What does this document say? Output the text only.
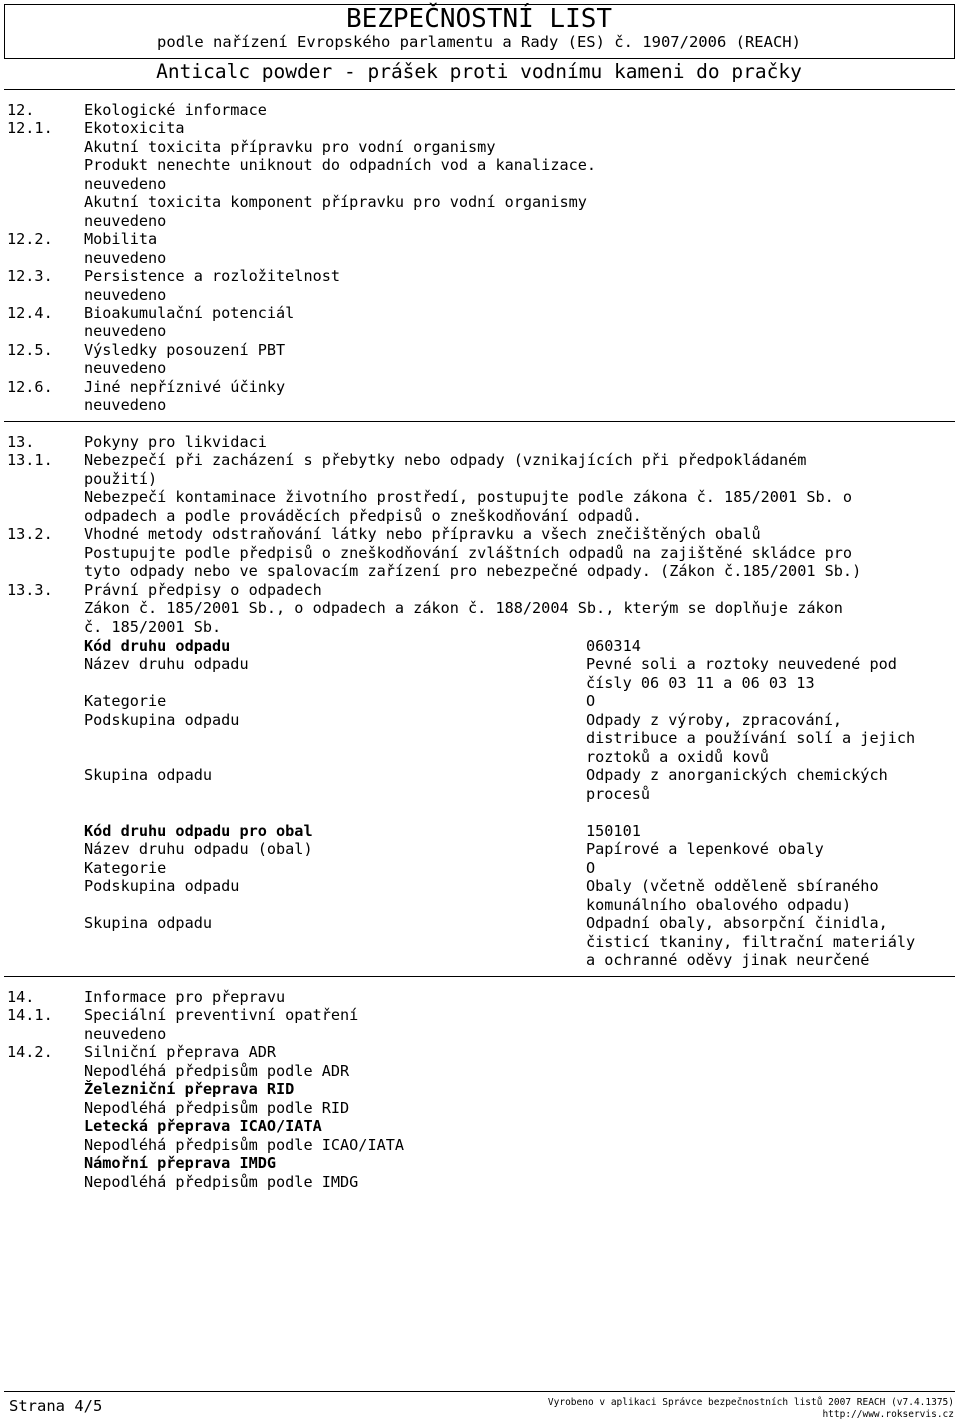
BEZPEČNOSTNÍ LIST
podle nařízení Evropského parlamentu a Rady (ES) č. 1907/2006 (REACH)
Anticalc powder - prášek proti vodnímu kameni do pračky
12.	Ekologické informace
12.1. Ekotoxicita
Akutní toxicita přípravku pro vodní organismy
Produkt nenechte uniknout do odpadních vod a kanalizace.
neuvedeno
Akutní toxicita komponent přípravku pro vodní organismy
neuvedeno
12.2. Mobilita
neuvedeno
12.3. Persistence a rozložitelnost
neuvedeno
12.4. Bioakumulační potenciál
neuvedeno
12.5. Výsledky posouzení PBT
neuvedeno
12.6. Jiné nepříznivé účinky
neuvedeno
13.	Pokyny pro likvidaci
13.1. Nebezpečí při zacházení s přebytky nebo odpady (vznikajících při předpokládaném
použití)
Nebezpečí kontaminace životního prostředí, postupujte podle zákona č. 185/2001 Sb. o
odpadech a podle prováděcích předpisů o zneškodňování odpadů.
13.2. Vhodné metody odstraňování látky nebo přípravku a všech znečištěných obalů
Postupujte podle předpisů o zneškodňování zvláštních odpadů na zajištěné skládce pro
tyto odpady nebo ve spalovacím zařízení pro nebezpečné odpady. (Zákon č.185/2001 Sb.)
13.3. Právní předpisy o odpadech
Zákon č. 185/2001 Sb., o odpadech a zákon č. 188/2004 Sb., kterým se doplňuje zákon
č. 185/2001 Sb.
Kód druhu odpadu	060314
Název druhu odpadu	Pevné soli a roztoky neuvedené pod
čísly 06 03 11 a 06 03 13
Kategorie	O
Podskupina odpadu	Odpady z výroby, zpracování,
distribuce a používání solí a jejich
roztoků a oxidů kovů
Skupina odpadu	Odpady z anorganických chemických
procesů
Kód druhu odpadu pro obal	150101
Název druhu odpadu (obal)	Papírové a lepenkové obaly
Kategorie	O
Podskupina odpadu	Obaly (včetně odděleně sbíraného
komunálního obalového odpadu)
Skupina odpadu	Odpadní obaly, absorpční činidla,
čisticí tkaniny, filtrační materiály
a ochranné oděvy jinak neurčené
14.	Informace pro přepravu
14.1. Speciální preventivní opatření
neuvedeno
14.2. Silniční přeprava ADR
Nepodléhá předpisům podle ADR
Železniční přeprava RID
Nepodléhá předpisům podle RID
Letecká přeprava ICAO/IATA
Nepodléhá předpisům podle ICAO/IATA
Námořní přeprava IMDG
Nepodléhá předpisům podle IMDG
Strana 4/5	Vyrobeno v aplikaci Správce bezpečnostních listů 2007 REACH (v7.4.1375)
http://www.rokservis.cz
